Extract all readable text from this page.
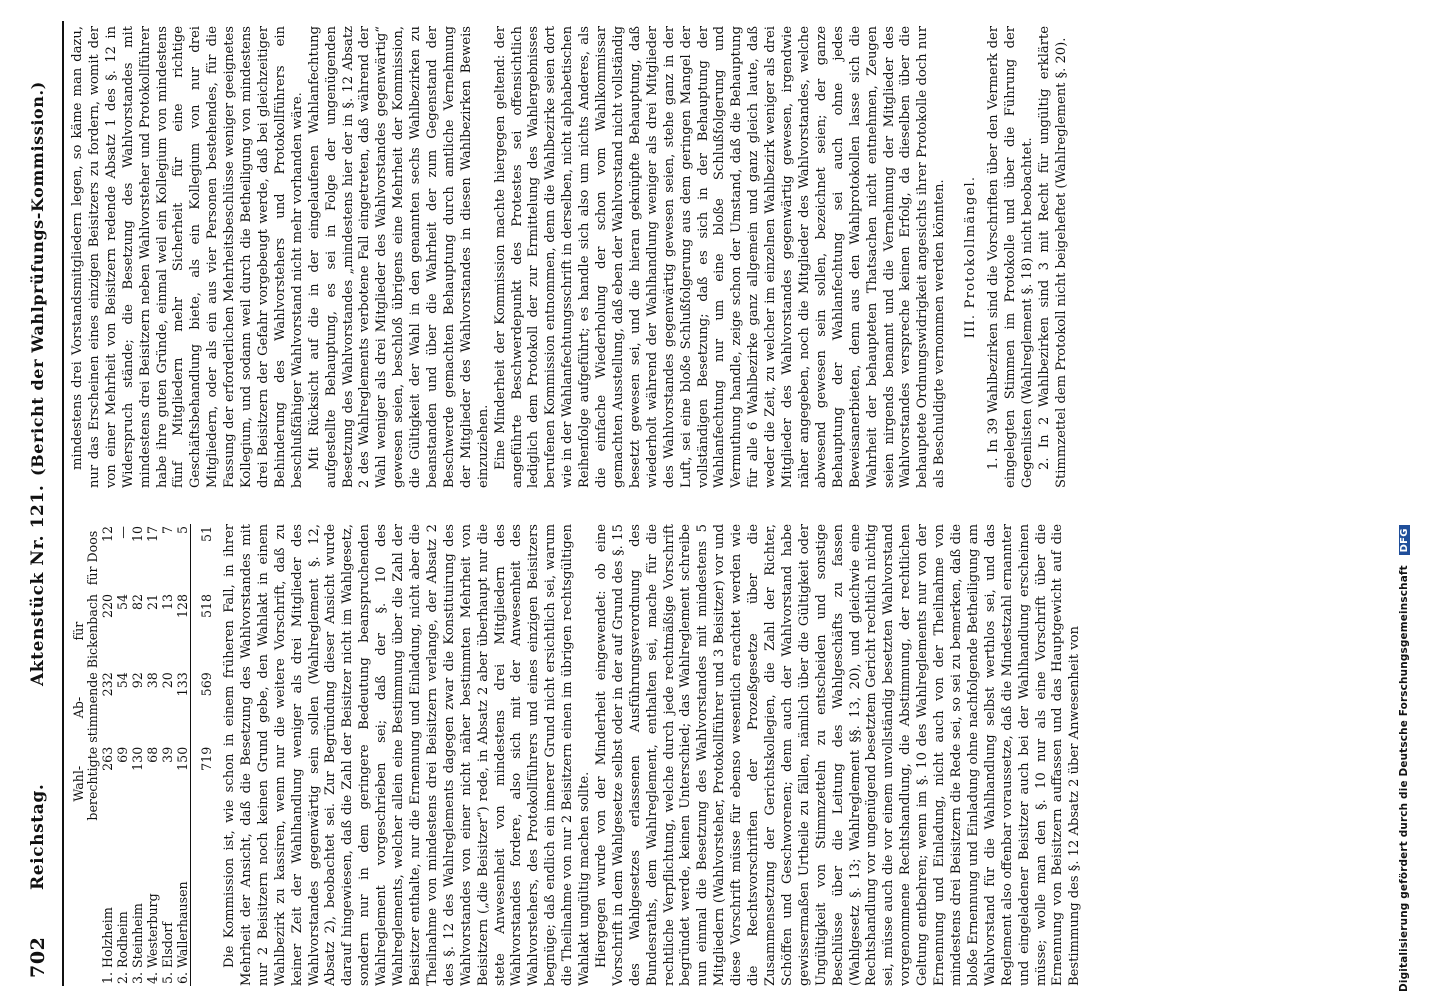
702
Reichstag.
Aktenstück Nr. 121.
(Bericht der Wahlprüfungs-Kommission.)
	Wahl-berechtigte	Ab-stimmende	für Bickenbach	für Doos
1. Holzheim	263	232	220	12
2. Rodheim	69	54	54	—
3. Steinheim	130	92	82	10
4. Westerburg	68	38	21	17
5. Elsdorf	39	20	13	7
6. Wallerhausen	150	133	128	5
	719	569	518	51 Die Kommission ist, wie schon in einem früheren Fall, in ihrer Mehrheit der Ansicht, daß die Besetzung des Wahlvorstandes mit nur 2 Beisitzern noch keinen Grund gebe, den Wahlakt in einem Wahlbezirk zu kassiren, wenn nur die weitere Vorschrift, daß zu keiner Zeit der Wahlhandlung weniger als drei Mitglieder des Wahlvorstandes gegenwärtig sein sollen (Wahlreglement §. 12, Absatz 2), beobachtet sei. Zur Begründung dieser Ansicht wurde darauf hingewiesen, daß die Zahl der Beisitzer nicht im Wahlgesetz, sondern nur in dem geringere Bedeutung beanspruchenden Wahlreglement vorgeschrieben sei; daß der §. 10 des Wahlreglements, welcher allein eine Bestimmung über die Zahl der Beisitzer enthalte, nur die Ernennung und Einladung, nicht aber die Theilnahme von mindestens drei Beisitzern verlange, der Absatz 2 des §. 12 des Wahlreglements dagegen zwar die Konstituirung des Wahlvorstandes von einer nicht näher bestimmten Mehrheit von Beisitzern („die Beisitzer“) rede, in Absatz 2 aber überhaupt nur die stete Anwesenheit von mindestens drei Mitgliedern des Wahlvorstandes fordere, also sich mit der Anwesenheit des Wahlvorstehers, des Protokollführers und eines einzigen Beisitzers begnüge; daß endlich ein innerer Grund nicht ersichtlich sei, warum die Theilnahme von nur 2 Beisitzern einen im übrigen rechtsgültigen Wahlakt ungültig machen sollte. Hiergegen wurde von der Minderheit eingewendet: ob eine Vorschrift in dem Wahlgesetze selbst oder in der auf Grund des §. 15 des Wahlgesetzes erlassenen Ausführungsverordnung des Bundesraths, dem Wahlreglement, enthalten sei, mache für die rechtliche Verpflichtung, welche durch jede rechtmäßige Vorschrift begründet werde, keinen Unterschied; das Wahlreglement schreibe nun einmal die Besetzung des Wahlvorstandes mit mindestens 5 Mitgliedern (Wahlvorsteher, Protokollführer und 3 Beisitzer) vor und diese Vorschrift müsse für ebenso wesentlich erachtet werden wie die Rechtsvorschriften der Prozeßgesetze über die Zusammensetzung der Gerichtskollegien, die Zahl der Richter, Schöffen und Geschworenen; denn auch der Wahlvorstand habe gewissermaßen Urtheile zu fällen, nämlich über die Gültigkeit oder Ungültigkeit von Stimmzetteln zu entscheiden und sonstige Beschlüsse über die Leitung des Wahlgeschäfts zu fassen (Wahlgesetz §. 13; Wahlreglement §§. 13, 20), und gleichwie eine Rechtshandlung vor ungenügend besetztem Gericht rechtlich nichtig sei, müsse auch die vor einem unvollständig besetzten Wahlvorstand vorgenommene Rechtshandlung, die Abstimmung, der rechtlichen Geltung entbehren; wenn im §. 10 des Wahlreglements nur von der Ernennung und Einladung, nicht auch von der Theilnahme von mindestens drei Beisitzern die Rede sei, so sei zu bemerken, daß die bloße Ernennung und Einladung ohne nachfolgende Betheiligung am Wahlvorstand für die Wahlhandlung selbst werthlos sei, und das Reglement also offenbar voraussetze, daß die Mindestzahl ernannter und eingeladener Beisitzer auch bei der Wahlhandlung erscheinen müsse; wolle man den §. 10 nur als eine Vorschrift über die Ernennung von Beisitzern auffassen und das Hauptgewicht auf die Bestimmung des §. 12 Absatz 2 über Anwesenheit von

mindestens drei Vorstandsmitgliedern legen, so käme man dazu, nur das Erscheinen eines einzigen Beisitzers zu fordern, womit der von einer Mehrheit von Beisitzern redende Absatz 1 des §. 12 in Widerspruch stände; die Besetzung des Wahlvorstandes mit mindestens drei Beisitzern neben Wahlvorsteher und Protokollführer habe ihre guten Gründe, einmal weil ein Kollegium von mindestens fünf Mitgliedern mehr Sicherheit für eine richtige Geschäftsbehandlung biete, als ein Kollegium von nur drei Mitgliedern, oder als ein aus vier Personen bestehendes, für die Fassung der erforderlichen Mehrheitsbeschlüsse weniger geeignetes Kollegium, und sodann weil durch die Betheiligung von mindestens drei Beisitzern der Gefahr vorgebeugt werde, daß bei gleichzeitiger Behinderung des Wahlvorstehers und Protokollführers ein beschlußfähiger Wahlvorstand nicht mehr vorhanden wäre. Mit Rücksicht auf die in der eingelaufenen Wahlanfechtung aufgestellte Behauptung, es sei in Folge der ungenügenden Besetzung des Wahlvorstandes „mindestens hier der in §. 12 Absatz 2 des Wahlreglements verbotene Fall eingetreten, daß während der Wahl weniger als drei Mitglieder des Wahlvorstandes gegenwärtig“ gewesen seien, beschloß übrigens eine Mehrheit der Kommission, die Gültigkeit der Wahl in den genannten sechs Wahlbezirken zu beanstanden und über die Wahrheit der zum Gegenstand der Beschwerde gemachten Behauptung durch amtliche Vernehmung der Mitglieder des Wahlvorstandes in diesen Wahlbezirken Beweis einzuziehen. Eine Minderheit der Kommission machte hiergegen geltend: der angeführte Beschwerdepunkt des Protestes sei offensichtlich lediglich dem Protokoll der zur Ermittelung des Wahlergebnisses berufenen Kommission entnommen, denn die Wahlbezirke seien dort wie in der Wahlanfechtungsschrift in derselben, nicht alphabetischen Reihenfolge aufgeführt; es handle sich also um nichts Anderes, als die einfache Wiederholung der schon vom Wahlkommissar gemachten Ausstellung, daß eben der Wahlvorstand nicht vollständig besetzt gewesen sei, und die hieran geknüpfte Behauptung, daß wiederholt während der Wahlhandlung weniger als drei Mitglieder des Wahlvorstandes gegenwärtig gewesen seien, stehe ganz in der Luft, sei eine bloße Schlußfolgerung aus dem geringen Mangel der vollständigen Besetzung; daß es sich in der Behauptung der Wahlanfechtung nur um eine bloße Schlußfolgerung und Vermuthung handle, zeige schon der Umstand, daß die Behauptung für alle 6 Wahlbezirke ganz allgemein und ganz gleich laute, daß weder die Zeit, zu welcher im einzelnen Wahlbezirk weniger als drei Mitglieder des Wahlvorstandes gegenwärtig gewesen, irgendwie näher angegeben, noch die Mitglieder des Wahlvorstandes, welche abwesend gewesen sein sollen, bezeichnet seien; der ganze Behauptung der Wahlanfechtung sei auch ohne jedes Beweisanerbieten, denn aus den Wahlprotokollen lasse sich die Wahrheit der behaupteten Thatsachen nicht entnehmen, Zeugen seien nirgends benannt und die Vernehmung der Mitglieder des Wahlvorstandes verspreche keinen Erfolg, da dieselben über die behauptete Ordnungswidrigkeit angesichts ihrer Protokolle doch nur als Beschuldigte vernommen werden könnten. III. Protokollmängel. 1. In 39 Wahlbezirken sind die Vorschriften über den Vermerk der eingelegten Stimmen im Protokolle und über die Führung der Gegenlisten (Wahlreglement §. 18) nicht beobachtet. 2. In 2 Wahlbezirken sind 3 mit Recht für ungültig erklärte Stimmzettel dem Protokoll nicht beigeheftet (Wahlreglement §. 20).

Digitalisierung gefördert durch die Deutsche Forschungsgemeinschaft DFG
